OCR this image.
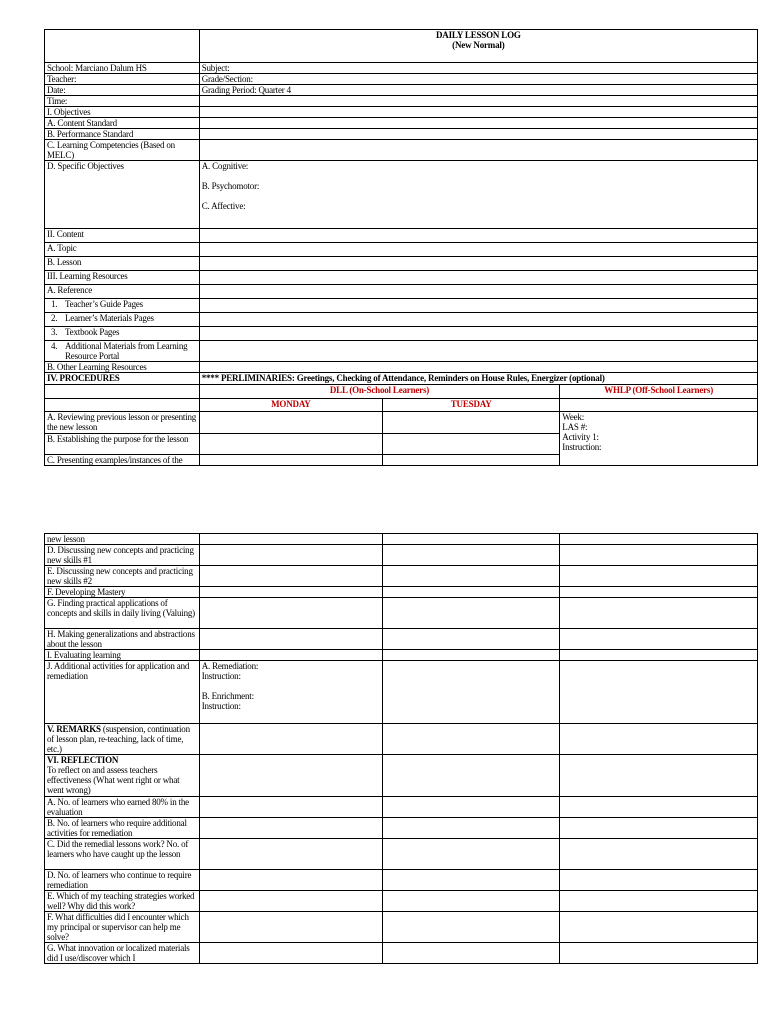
	DAILY LESSON LOG
(New Normal)		

School: Marciano Dalum HS	Subject:		
Teacher:	Grade/Section:		
Date:	Grading Period: Quarter 4		
Time:			
I. Objectives			
A. Content Standard			
B. Performance Standard			
C. Learning Competencies (Based on MELC)			
D. Specific Objectives	A. Cognitive:
B. Psychomotor:
C. Affective:		

II. Content			
A. Topic			
B. Lesson			
III. Learning Resources			
A. Reference			
1. Teacher’s Guide Pages			
2. Learner’s Materials Pages			
3. Textbook Pages			
4. Additional Materials from Learning Resource Portal			
B. Other Learning Resources			
IV. PROCEDURES	**** PERLIMINARIES: Greetings, Checking of Attendance, Reminders on House Rules, Energizer (optional)		
	DLL (On-School Learners)		WHLP (Off-School Learners)
	MONDAY	TUESDAY	
A. Reviewing previous lesson or presenting the new lesson			Week:
LAS #:
Activity 1:
Instruction:

B. Establishing the purpose for the lesson			
C. Presenting examples/instances of the			
new lesson			
D. Discussing new concepts and practicing new skills #1			
E. Discussing new concepts and practicing new skills #2			
F. Developing Mastery			
G. Finding practical applications of concepts and skills in daily living (Valuing)			
H. Making generalizations and abstractions about the lesson			
I. Evaluating learning			
J. Additional activities for application and remediation	A. Remediation:
Instruction:
B. Enrichment:
Instruction:		

V. REMARKS (suspension, continuation of lesson plan, re-teaching, lack of time, etc.)			

VI. REFLECTION
To reflect on and assess teachers effectiveness (What went right or what went wrong)			

A. No. of learners who earned 80% in the evaluation			
B. No. of learners who require additional activities for remediation			
C. Did the remedial lessons work? No. of learners who have caught up the lesson			
D. No. of learners who continue to require remediation			
E. Which of my teaching strategies worked well? Why did this work?			
F. What difficulties did I encounter which my principal or supervisor can help me solve?			
G. What innovation or localized materials did I use/discover which I			
